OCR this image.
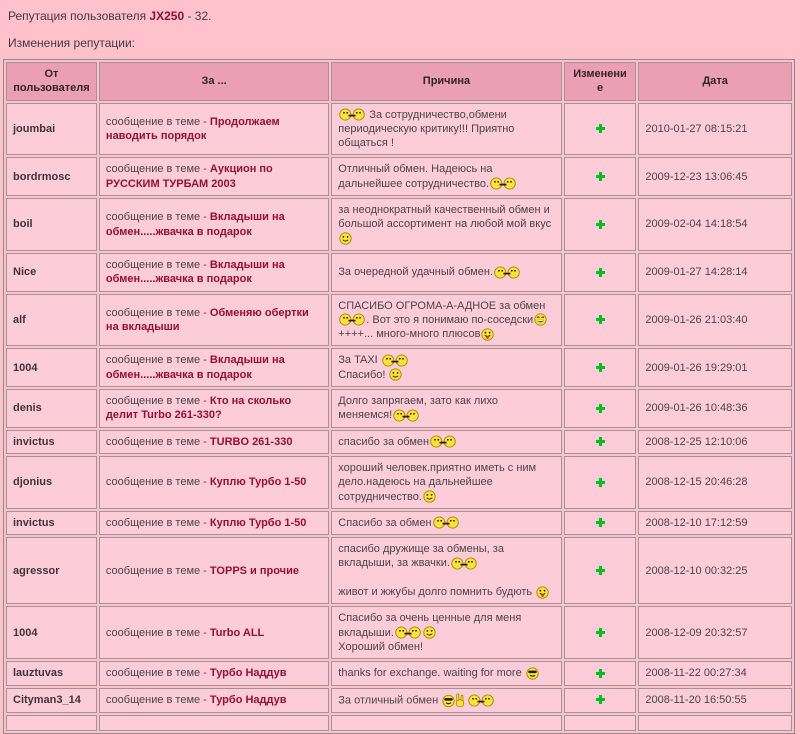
Репутация пользователя JX250 - 32.
Изменения репутации:
От пользователя	За ...	Причина	Изменение	Дата
joumbai	сообщение в теме - Продолжаем наводить порядок	За сотрудничество,обмени периодическую критику!!! Приятно общаться !		2010-01-27 08:15:21
bordrmosc	сообщение в теме - Аукцион по РУССКИМ ТУРБАМ 2003	Отличный обмен. Надеюсь на дальнейшее сотрудничество.		2009-12-23 13:06:45
boil	сообщение в теме - Вкладыши на обмен.....жвачка в подарок	за неоднократный качественный обмен и большой ассортимент на любой мой вкус		2009-02-04 14:18:54
Nice	сообщение в теме - Вкладыши на обмен.....жвачка в подарок	За очередной удачный обмен.		2009-01-27 14:28:14
alf	сообщение в теме - Обменяю обертки на вкладыши	СПАСИБО ОГРОМА-А-АДНОЕ за обмен
. Вот это я понимаю по-соседски

++++... много-много плюсов		2009-01-26 21:03:40
1004	сообщение в теме - Вкладыши на обмен.....жвачка в подарок	За TAXI

Спасибо!		2009-01-26 19:29:01
denis	сообщение в теме - Кто на сколько делит Turbo 261-330?	Долго запрягаем, зато как лихо меняемся!		2009-01-26 10:48:36
invictus	сообщение в теме - TURBO 261-330	спасибо за обмен		2008-12-25 12:10:06
djonius	сообщение в теме - Куплю Турбо 1-50	хороший человек.приятно иметь с ним дело.надеюсь на дальнейшее сотрудничество.		2008-12-15 20:46:28
invictus	сообщение в теме - Куплю Турбо 1-50	Спасибо за обмен		2008-12-10 17:12:59
agressor	сообщение в теме - TOPPS и прочие	спасибо дружище за обмены, за вкладыши, за жвачки.

живот и жжубы долго помнить будють		2008-12-10 00:32:25
1004	сообщение в теме - Turbo ALL	Спасибо за очень ценные для меня вкладыши.

Хороший обмен!		2008-12-09 20:32:57
lauztuvas	сообщение в теме - Турбо Наддув	thanks for exchange. waiting for more		2008-11-22 00:27:34
Cityman3_14	сообщение в теме - Турбо Наддув	За отличный обмен		2008-11-20 16:50:55
